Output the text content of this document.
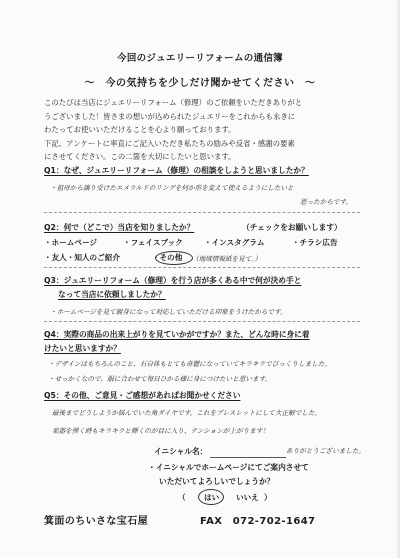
今回のジュエリーリフォームの通信簿
～　今の気持ちを少しだけ聞かせてください　～
このたびは当店にジュエリーリフォーム（修理）のご依頼をいただきありがと
うございました！皆さまの想いが込められたジュエリーをこれからも永きに
わたってお使いいただけることを心より願っております。
下記、アンケートに率直にご記入いただき私たちの励みや反省・感謝の要素
にさせてください。この二箇を大切にしたいと思います。
Q1：なぜ、ジュエリーリフォーム（修理）の相談をしようと思いましたか？
・祖母から譲り受けたエメラルドのリングを何か形を変えて使えるようにしたいと
思ったからです。
Q2：何で（どこで）当店を知りましたか？	（チェックをお願いします）
・ホームページ	・フェイスブック	・インスタグラム	・チラシ広告
・友人・知人のご紹介	・その他 （地域情報紙を見て。）
Q3：ジュエリーリフォーム（修理）を行う店が多くある中で何が決め手と
なって当店に依頼しましたか？
・ホームページを見て親身になって対応していただける印象をうけたからです。
Q4：実際の商品の出来上がりを見ていかがですか？また、どんな時に身に着
けたいと思いますか？
・デザインはもちろんのこと、石自体もとても奇麗になっていてキラキラでびっくりしました。
・せっかくなので、服に合わせて毎日ひかる様に身につけたいと思います。
Q5：その他、ご意見・ご感想があればお聞かせください
最後までどうしようか悩んでいた角ダイヤです。これをブレスレットにして大正解でした。
楽器を弾く時もキラキラと輝くのが目に入り、テンションが上がります！
ありがとうございました。
イニシャル名：
・イニシャルでホームページにてご案内させて
いただいてよろしいでしょうか？
（ はい いいえ ）
箕面のちいさな宝石屋	FAX　072-702-1647
